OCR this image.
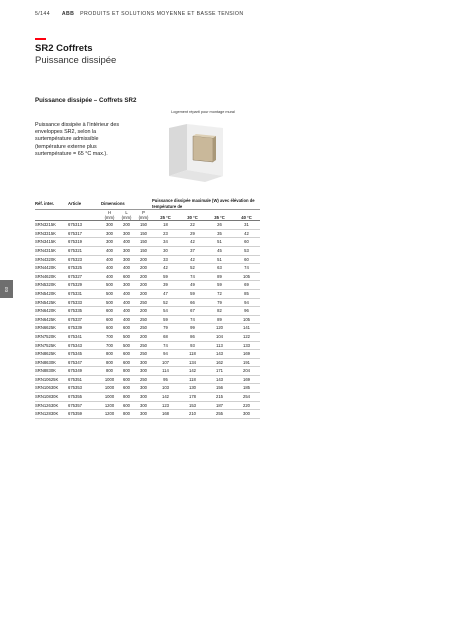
5/144 ABB PRODUITS ET SOLUTIONS MOYENNE ET BASSE TENSION
SR2 Coffrets
Puissance dissipée
Puissance dissipée – Coffrets SR2
Puissance dissipée à l'intérieur des enveloppes SR2, selon la surtempérature admissible (température externe plus surtempérature = 65 °C max.).
Logement réparti pour montage mural
03
Réf. inter.	Article	Dimensions			Puissance dissipée maximale (W) avec élévation de température de			
		H	L	P				
		(mm)	(mm)	(mm)	25 °C	30 °C	35 °C	40 °C
SRN3215K	675313	300	200	150	18	22	26	31
SRN3315K	675317	300	300	150	23	29	35	42
SRN3415K	675319	300	400	150	34	42	51	60
SRN4315K	675321	400	300	150	30	37	45	53
SRN4320K	675323	400	300	200	33	42	51	60
SRN4420K	675325	400	400	200	42	52	63	74
SRN4620K	675327	400	600	200	59	74	89	105
SRN5320K	675329	500	300	200	39	49	59	69
SRN5420K	675331	500	400	200	47	59	72	85
SRN5425K	675333	500	400	250	52	66	79	94
SRN6420K	675335	600	400	200	54	67	82	96
SRN6425K	675337	600	400	250	59	74	89	105
SRN6625K	675339	600	600	250	79	99	120	141
SRN7520K	675341	700	500	200	68	86	104	122
SRN7525K	675343	700	500	250	74	93	113	133
SRN8625K	675345	800	600	250	94	118	143	169
SRN8630K	675347	800	600	300	107	134	162	191
SRN8830K	675349	800	800	300	114	142	171	204
SRN10625K	675351	1000	600	250	95	118	143	169
SRN10630K	675353	1000	600	300	103	130	156	185
SRN10830K	675355	1000	800	300	142	178	215	254
SRN12630K	675357	1200	600	300	123	153	187	220
SRN12830K	675359	1200	800	300	168	210	255	300
